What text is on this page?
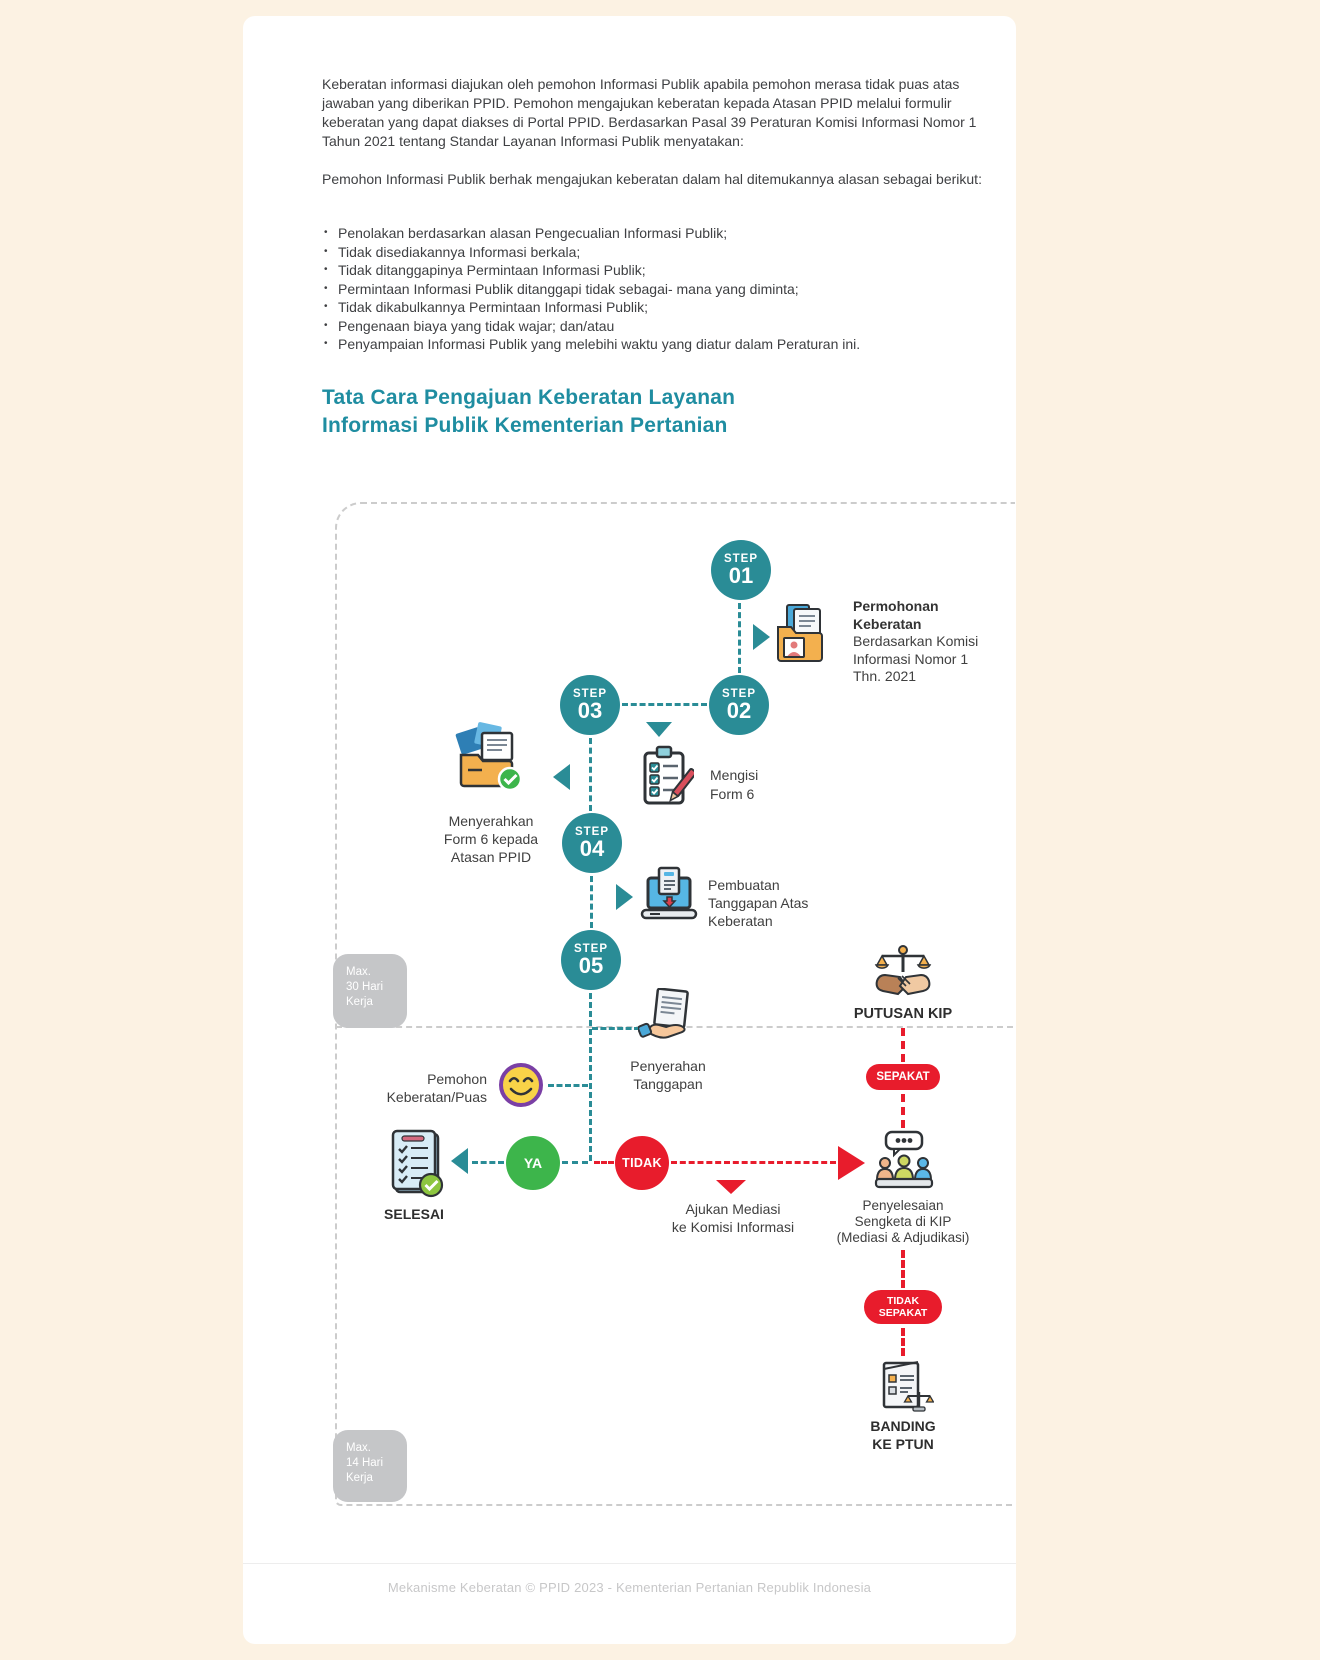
Keberatan informasi diajukan oleh pemohon Informasi Publik apabila pemohon merasa tidak puas atas jawaban yang diberikan PPID. Pemohon mengajukan keberatan kepada Atasan PPID melalui formulir keberatan yang dapat diakses di Portal PPID. Berdasarkan Pasal 39 Peraturan Komisi Informasi Nomor 1 Tahun 2021 tentang Standar Layanan Informasi Publik menyatakan:
Pemohon Informasi Publik berhak mengajukan keberatan dalam hal ditemukannya alasan sebagai berikut:
• Penolakan berdasarkan alasan Pengecualian Informasi Publik;
• Tidak disediakannya Informasi berkala;
• Tidak ditanggapinya Permintaan Informasi Publik;
• Permintaan Informasi Publik ditanggapi tidak sebagai- mana yang diminta;
• Tidak dikabulkannya Permintaan Informasi Publik;
• Pengenaan biaya yang tidak wajar; dan/atau
• Penyampaian Informasi Publik yang melebihi waktu yang diatur dalam Peraturan ini.
Tata Cara Pengajuan Keberatan Layanan
Informasi Publik Kementerian Pertanian
Max.
30 Hari
Kerja
Max.
14 Hari
Kerja
STEP
01
STEP
02
STEP
03
STEP
04
STEP
05
Permohonan
Keberatan
Berdasarkan Komisi
Informasi Nomor 1
Thn. 2021
Mengisi
Form 6
Menyerahkan
Form 6 kepada
Atasan PPID
Pembuatan
Tanggapan Atas
Keberatan
Penyerahan
Tanggapan
Pemohon
Keberatan/Puas
SELESAI	Ajukan Mediasi
ke Komisi Informasi
PUTUSAN KIP
Penyelesaian
Sengketa di KIP
(Mediasi & Adjudikasi)
BANDING
KE PTUN
YA	TIDAK
SEPAKAT
TIDAK
SEPAKAT
Mekanisme Keberatan © PPID 2023 - Kementerian Pertanian Republik Indonesia
